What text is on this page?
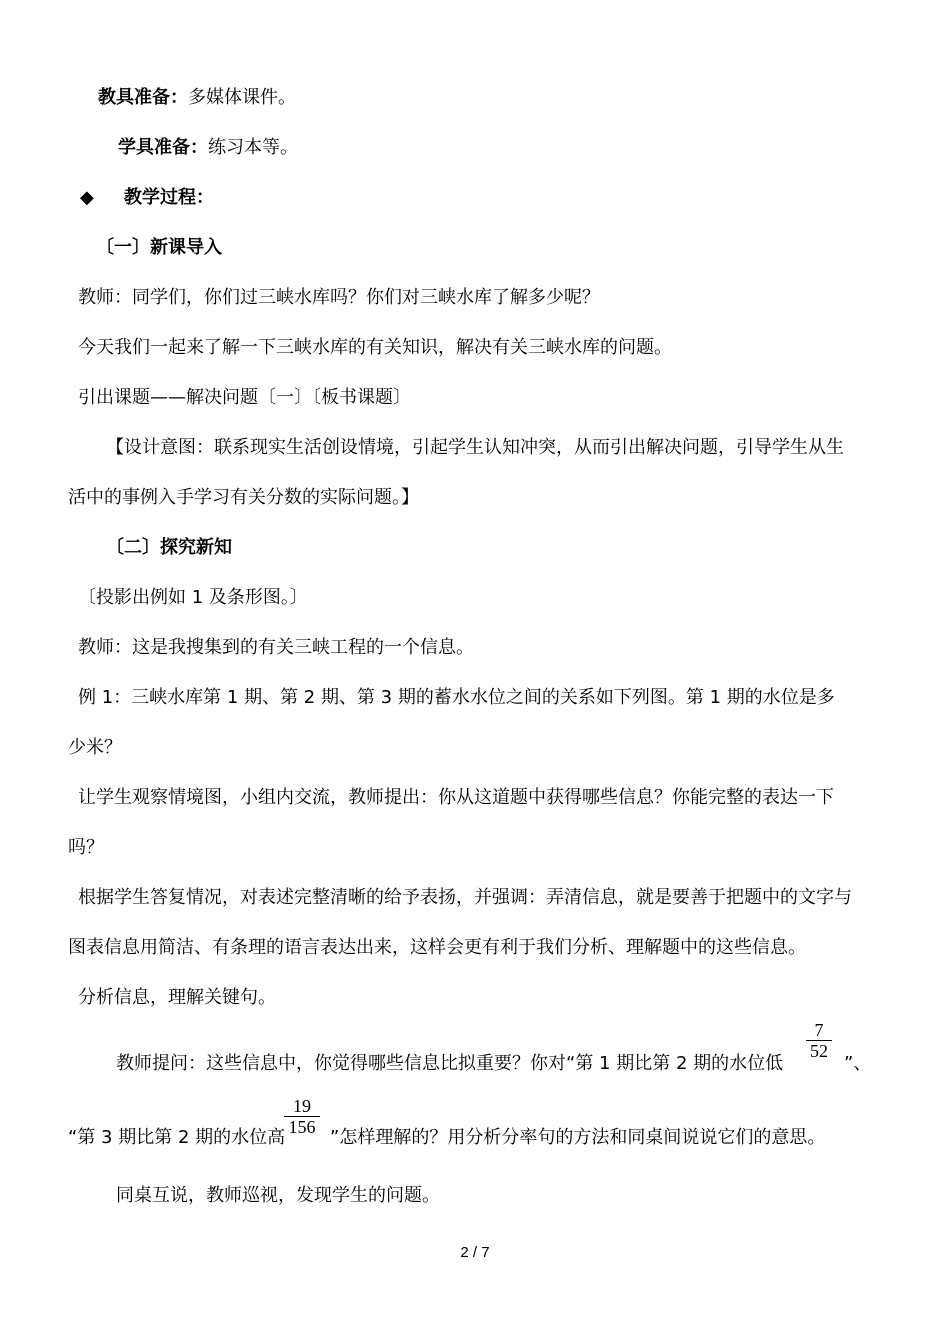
教具准备：多媒体课件。
学具准备：练习本等。
◆ 教学过程：
〔一〕新课导入
教师：同学们，你们过三峡水库吗？你们对三峡水库了解多少呢？
今天我们一起来了解一下三峡水库的有关知识，解决有关三峡水库的问题。
引出课题——解决问题〔一〕〔板书课题〕
【设计意图：联系现实生活创设情境，引起学生认知冲突，从而引出解决问题，引导学生从生
活中的事例入手学习有关分数的实际问题。】
〔二〕探究新知
〔投影出例如 1 及条形图。〕
教师：这是我搜集到的有关三峡工程的一个信息。
例 1：三峡水库第 1 期、第 2 期、第 3 期的蓄水水位之间的关系如下列图。第 1 期的水位是多
少米？
让学生观察情境图，小组内交流，教师提出：你从这道题中获得哪些信息？你能完整的表达一下
吗？
根据学生答复情况，对表述完整清晰的给予表扬，并强调：弄清信息，就是要善于把题中的文字与
图表信息用简洁、有条理的语言表达出来，这样会更有利于我们分析、理解题中的这些信息。
分析信息，理解关键句。
教师提问：这些信息中，你觉得哪些信息比拟重要？你对“第 1 期比第 2 期的水位低
7
52
”、
“第 3 期比第 2 期的水位高
19
156 ”怎样理解的？用分析分率句的方法和同桌间说说它们的意思。
同桌互说，教师巡视，发现学生的问题。
2 / 7
